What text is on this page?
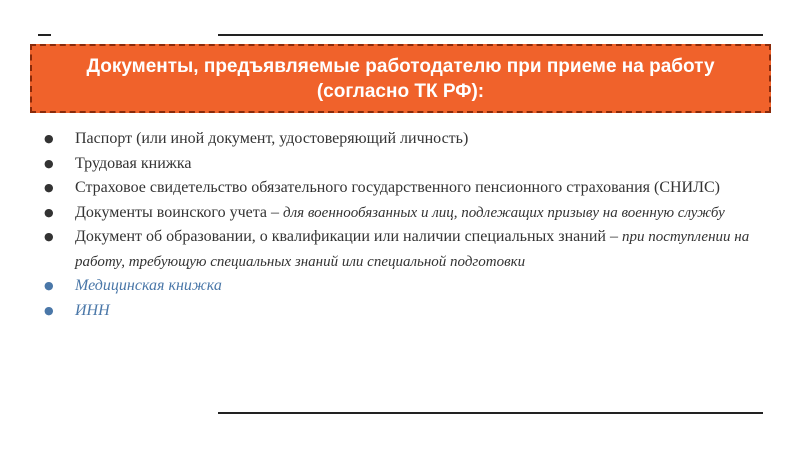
Документы, предъявляемые работодателю при приеме на работу (согласно ТК РФ):
● Паспорт (или иной документ, удостоверяющий личность)
● Трудовая книжка
● Страховое свидетельство обязательного государственного пенсионного страхования (СНИЛС)
● Документы воинского учета – для военнообязанных и лиц, подлежащих призыву на военную службу
● Документ об образовании, о квалификации или наличии специальных знаний – при поступлении на работу, требующую специальных знаний или специальной подготовки
● Медицинская книжка
● ИНН
